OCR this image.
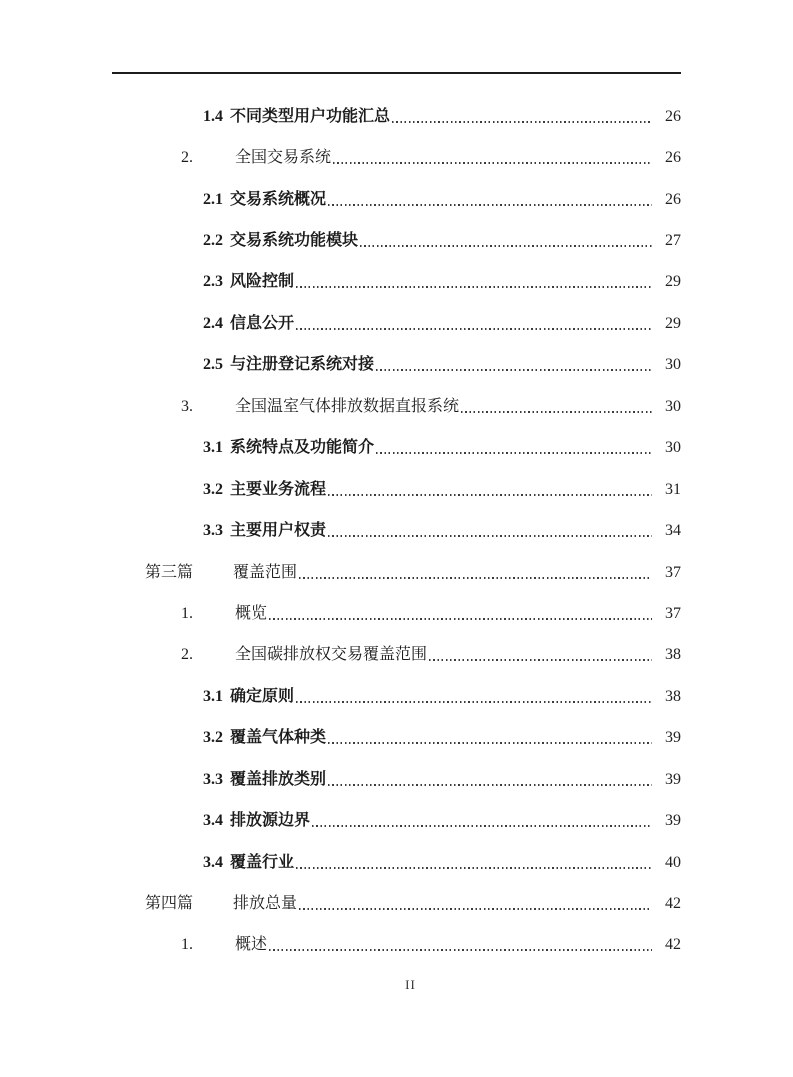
1.4 不同类型用户功能汇总	26
2.	全国交易系统	26
2.1 交易系统概况	26
2.2 交易系统功能模块	27
2.3 风险控制	29
2.4 信息公开	29
2.5 与注册登记系统对接	30
3.	全国温室气体排放数据直报系统	30
3.1 系统特点及功能简介	30
3.2 主要业务流程	31
3.3 主要用户权责	34
第三篇	覆盖范围	37
1.	概览	37
2.	全国碳排放权交易覆盖范围	38
3.1 确定原则	38
3.2 覆盖气体种类	39
3.3 覆盖排放类别	39
3.4 排放源边界	39
3.4 覆盖行业	40
第四篇	排放总量	42
1.	概述	42
II
